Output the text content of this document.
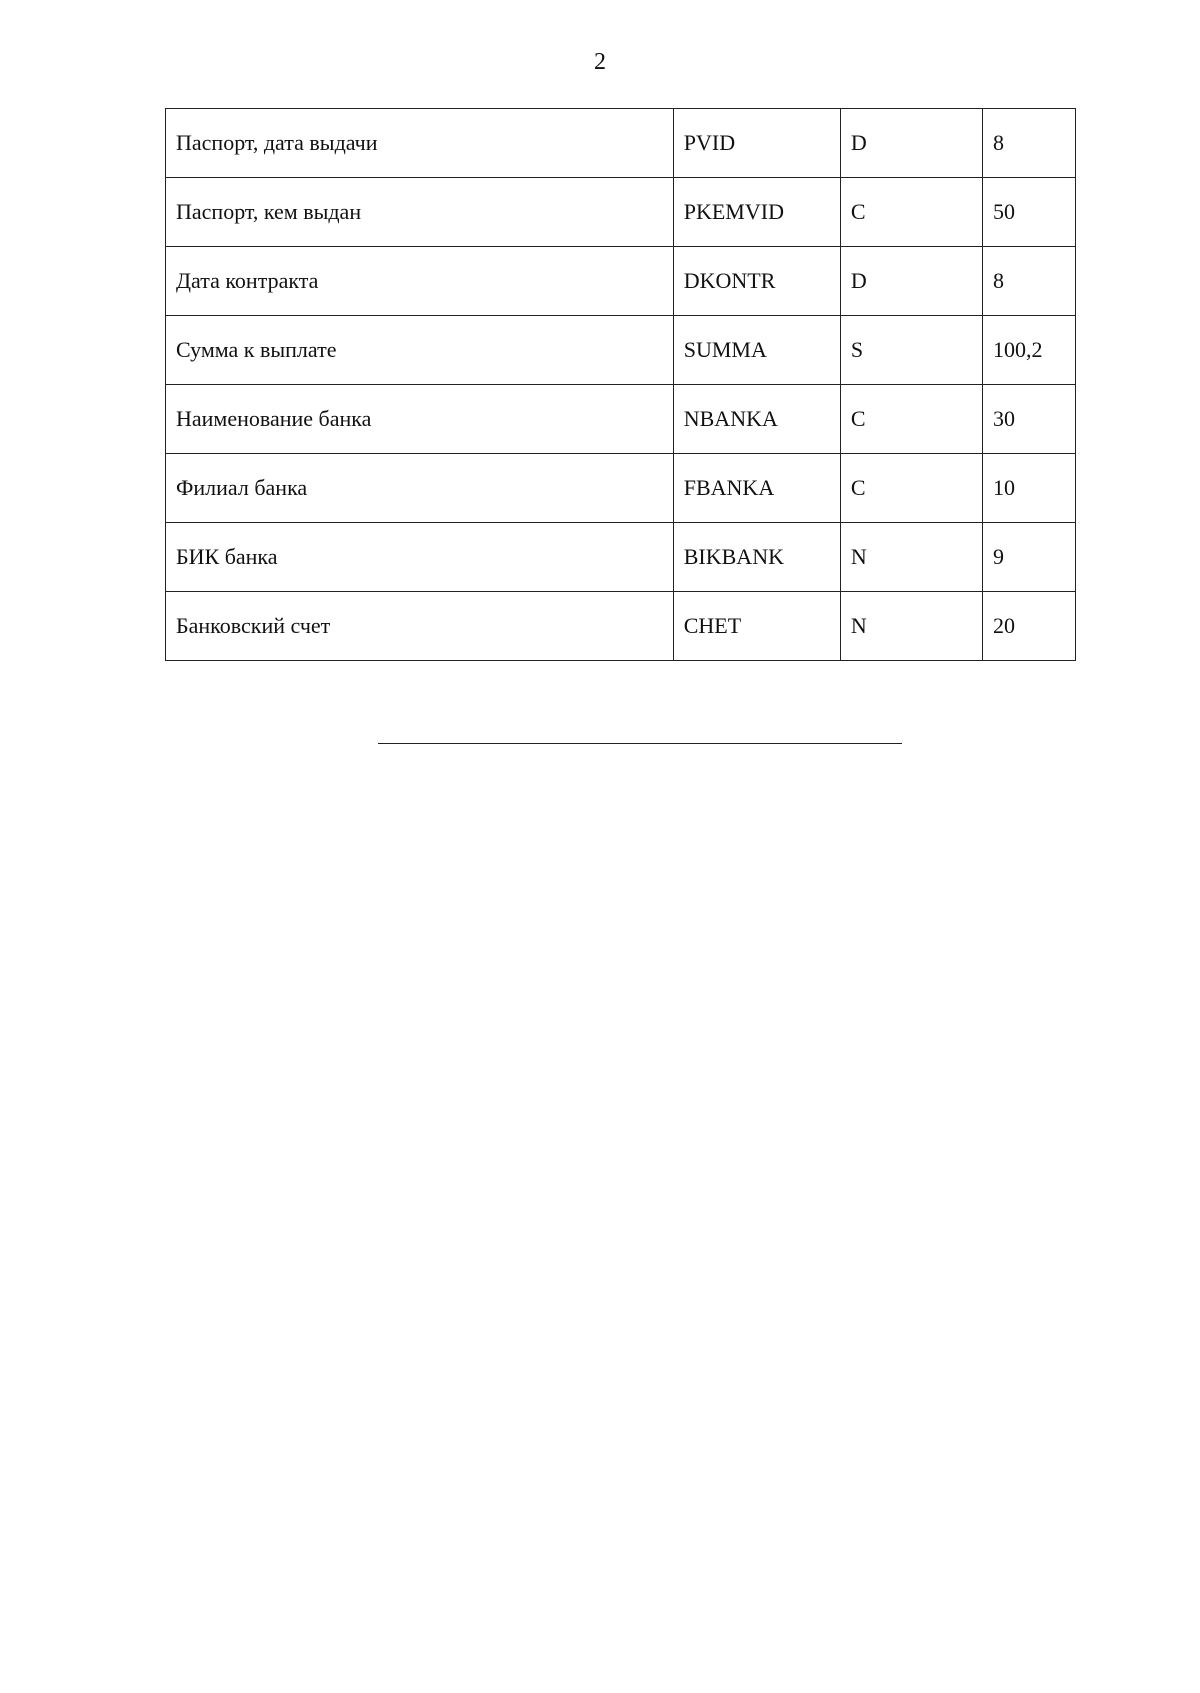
2
Паспорт, дата выдачи	PVID	D	8
Паспорт, кем выдан	PKEMVID	C	50
Дата контракта	DKONTR	D	8
Сумма к выплате	SUMMA	S	100,2
Наименование банка	NBANKA	C	30
Филиал банка	FBANKA	C	10
БИК банка	BIKBANK	N	9
Банковский счет	CHET	N	20
